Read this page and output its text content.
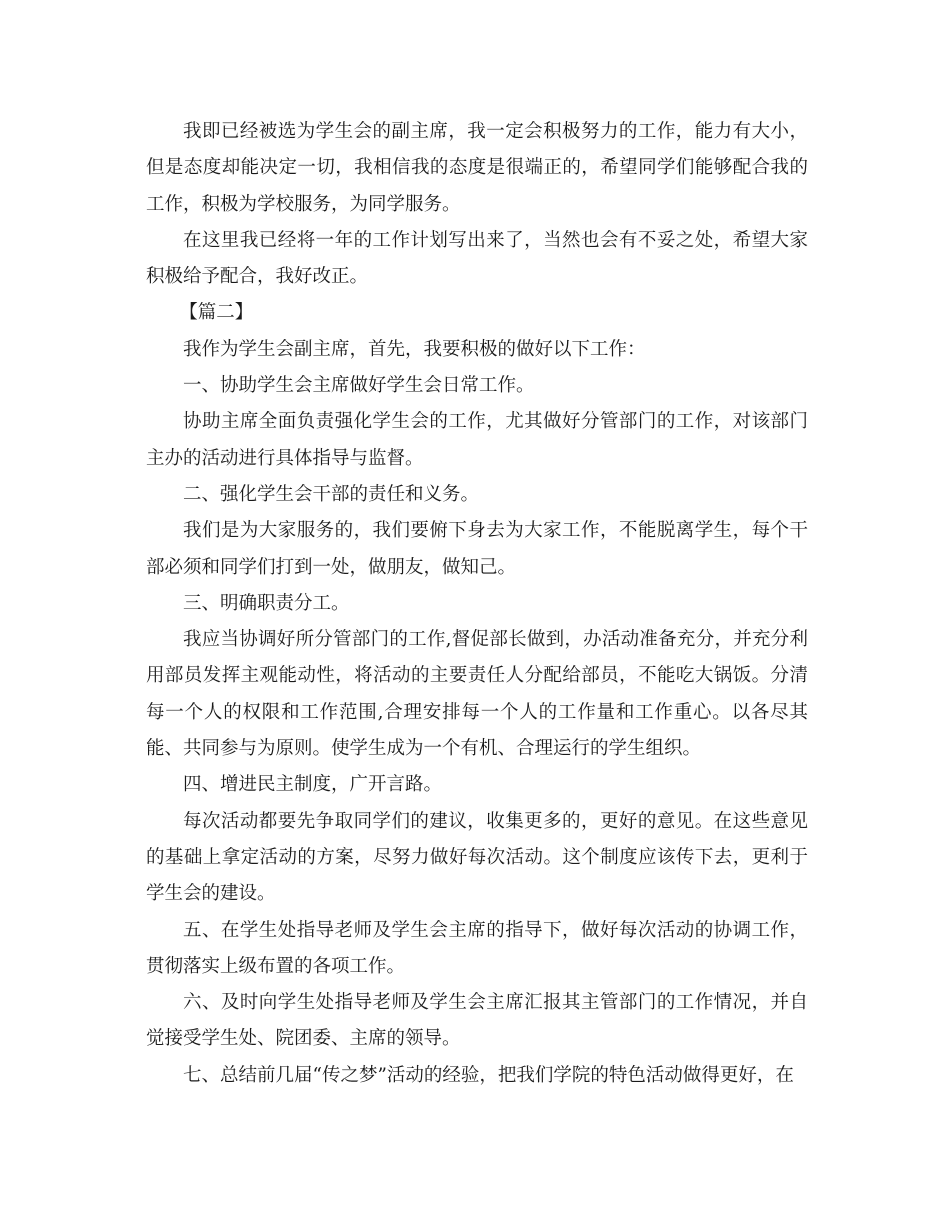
我即已经被选为学生会的副主席，我一定会积极努力的工作，能力有大小，但是态度却能决定一切，我相信我的态度是很端正的，希望同学们能够配合我的工作，积极为学校服务，为同学服务。

在这里我已经将一年的工作计划写出来了，当然也会有不妥之处，希望大家积极给予配合，我好改正。

【篇二】

我作为学生会副主席，首先，我要积极的做好以下工作：

一、协助学生会主席做好学生会日常工作。

协助主席全面负责强化学生会的工作，尤其做好分管部门的工作，对该部门主办的活动进行具体指导与监督。

二、强化学生会干部的责任和义务。

我们是为大家服务的，我们要俯下身去为大家工作，不能脱离学生，每个干部必须和同学们打到一处，做朋友，做知己。

三、明确职责分工。

我应当协调好所分管部门的工作,督促部长做到，办活动准备充分，并充分利用部员发挥主观能动性，将活动的主要责任人分配给部员，不能吃大锅饭。分清每一个人的权限和工作范围,合理安排每一个人的工作量和工作重心。以各尽其能、共同参与为原则。使学生成为一个有机、合理运行的学生组织。

四、增进民主制度，广开言路。

每次活动都要先争取同学们的建议，收集更多的，更好的意见。在这些意见的基础上拿定活动的方案，尽努力做好每次活动。这个制度应该传下去，更利于学生会的建设。

五、在学生处指导老师及学生会主席的指导下，做好每次活动的协调工作，贯彻落实上级布置的各项工作。

六、及时向学生处指导老师及学生会主席汇报其主管部门的工作情况，并自觉接受学生处、院团委、主席的领导。

七、总结前几届“传之梦”活动的经验，把我们学院的特色活动做得更好，在
